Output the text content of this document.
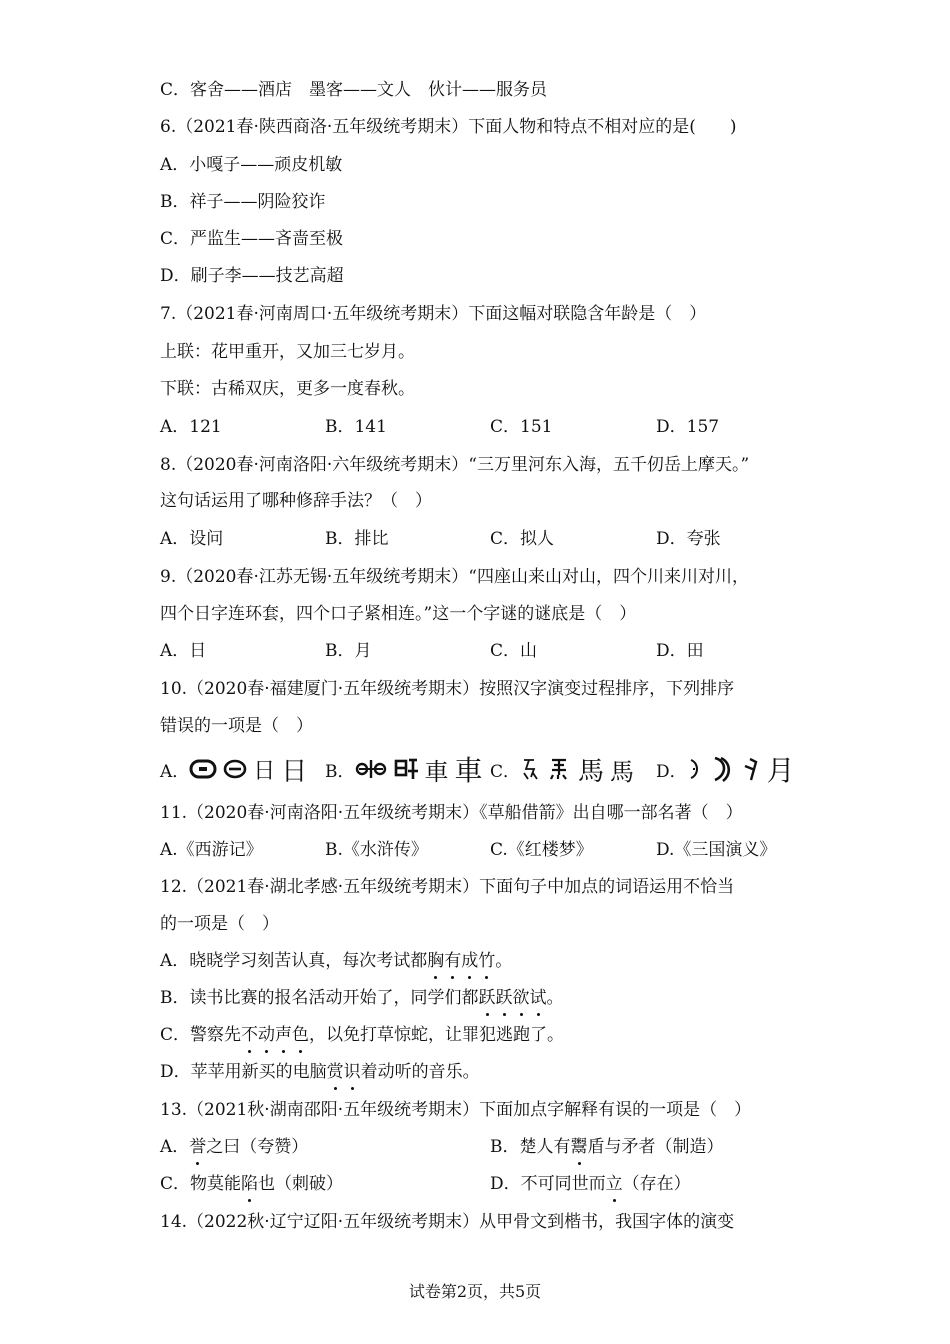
C．客舍——酒店　墨客——文人　伙计——服务员
6.（2021春·陕西商洛·五年级统考期末）下面人物和特点不相对应的是(　　)
A．小嘎子——顽皮机敏
B．祥子——阴险狡诈
C．严监生——吝啬至极
D．刷子李——技艺高超
7.（2021春·河南周口·五年级统考期末）下面这幅对联隐含年龄是（　）
上联：花甲重开，又加三七岁月。
下联：古稀双庆，更多一度春秋。
A．121	B．141	C．151	D．157
8.（2020春·河南洛阳·六年级统考期末）“三万里河东入海，五千仞岳上摩天。”
这句话运用了哪种修辞手法？（　）
A．设问	B．排比	C．拟人	D．夸张
9.（2020春·江苏无锡·五年级统考期末）“四座山来山对山，四个川来川对川，
四个日字连环套，四个口子紧相连。”这一个字谜的谜底是（　）
A．日	B．月	C．山	D．田
10.（2020春·福建厦门·五年级统考期末）按照汉字演变过程排序，下列排序
错误的一项是（　）
A．	日 日 B．	車 車 C． 馬 馬 D．	月
11.（2020春·河南洛阳·五年级统考期末）《草船借箭》出自哪一部名著（　）
A.《西游记》	B.《水浒传》	C.《红楼梦》	D.《三国演义》
12.（2021春·湖北孝感·五年级统考期末）下面句子中加点的词语运用不恰当
的一项是（　）
A．晓晓学习刻苦认真，每次考试都胸有成竹。
B．读书比赛的报名活动开始了，同学们都跃跃欲试。
C．警察先不动声色，以免打草惊蛇，让罪犯逃跑了。
D．苹苹用新买的电脑赏识着动听的音乐。
13.（2021秋·湖南邵阳·五年级统考期末）下面加点字解释有误的一项是（　）
A．誉之曰（夸赞）	B．楚人有鬻盾与矛者（制造）
C．物莫能陷也（刺破）	D．不可同世而立（存在）
14.（2022秋·辽宁辽阳·五年级统考期末）从甲骨文到楷书，我国字体的演变
试卷第2页，共5页
